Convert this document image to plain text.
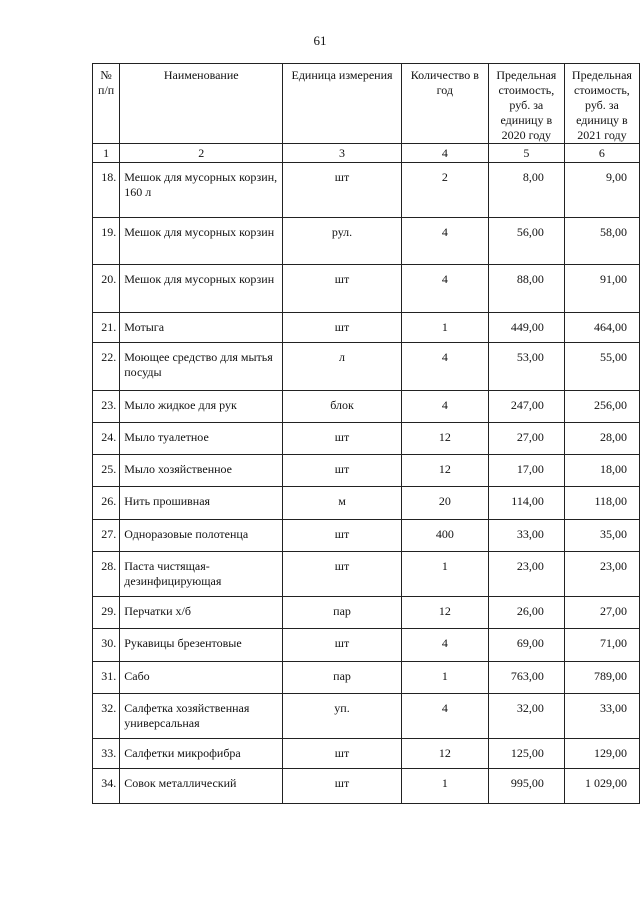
61
№ п/п	Наименование	Единица измерения	Количество в год	Предельная стоимость, руб. за единицу в 2020 году	Предельная стоимость, руб. за единицу в 2021 году
1	2	3	4	5	6
18.	Мешок для мусорных корзин, 160 л	шт	2	8,00	9,00
19.	Мешок для мусорных корзин	рул.	4	56,00	58,00
20.	Мешок для мусорных корзин	шт	4	88,00	91,00
21.	Мотыга	шт	1	449,00	464,00
22.	Моющее средство для мытья посуды	л	4	53,00	55,00
23.	Мыло жидкое для рук	блок	4	247,00	256,00
24.	Мыло туалетное	шт	12	27,00	28,00
25.	Мыло хозяйственное	шт	12	17,00	18,00
26.	Нить прошивная	м	20	114,00	118,00
27.	Одноразовые полотенца	шт	400	33,00	35,00
28.	Паста чистящая-дезинфицирующая	шт	1	23,00	23,00
29.	Перчатки х/б	пар	12	26,00	27,00
30.	Рукавицы брезентовые	шт	4	69,00	71,00
31.	Сабо	пар	1	763,00	789,00
32.	Салфетка хозяйственная универсальная	уп.	4	32,00	33,00
33.	Салфетки микрофибра	шт	12	125,00	129,00
34.	Совок металлический	шт	1	995,00	1 029,00
